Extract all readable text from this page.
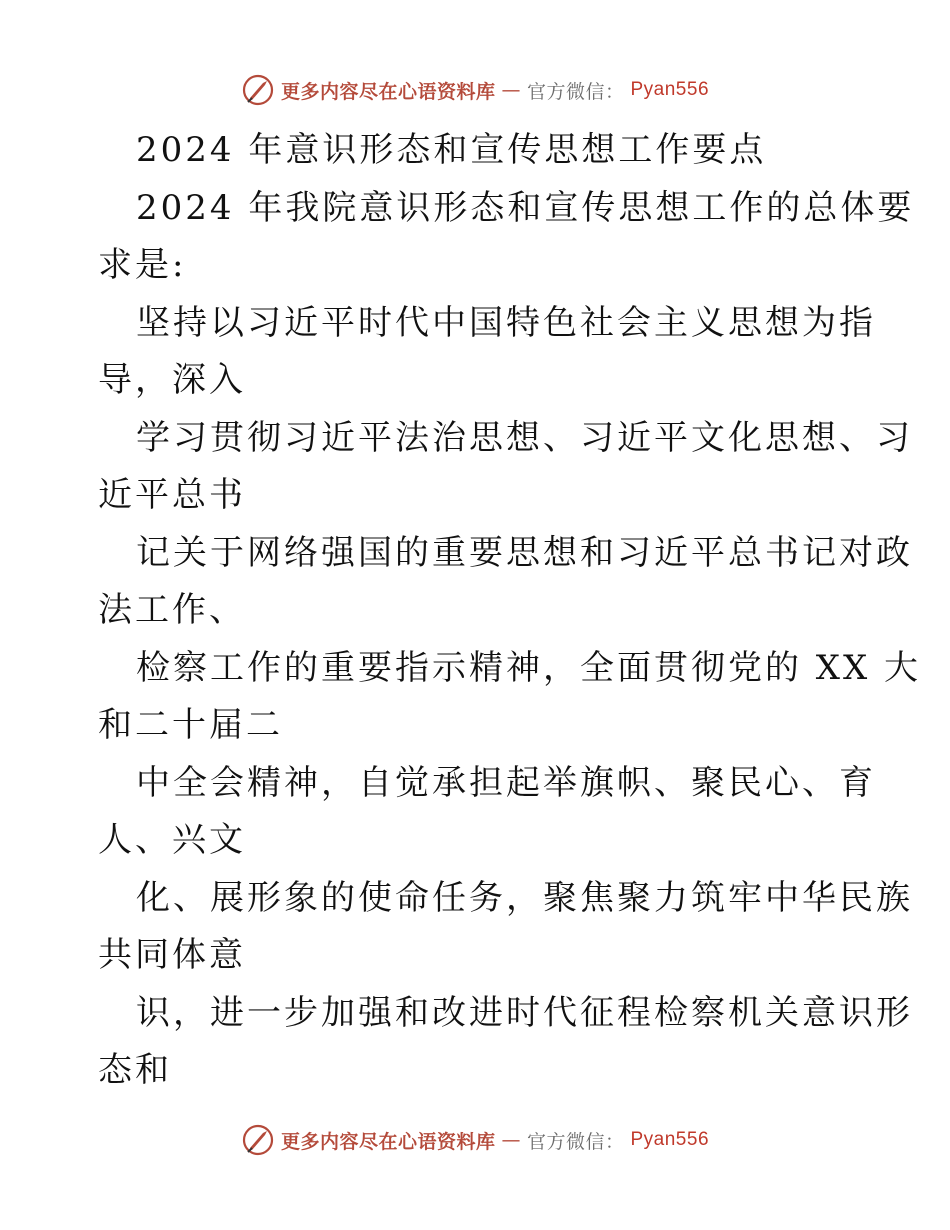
更多内容尽在心语资料库 — 官方微信： Pyan556
2024 年意识形态和宣传思想工作要点
2024 年我院意识形态和宣传思想工作的总体要
求是:
坚持以习近平时代中国特色社会主义思想为指
导，深入
学习贯彻习近平法治思想、习近平文化思想、习
近平总书
记关于网络强国的重要思想和习近平总书记对政
法工作、
检察工作的重要指示精神，全面贯彻党的 XX 大
和二十届二
中全会精神，自觉承担起举旗帜、聚民心、育
人、兴文
化、展形象的使命任务，聚焦聚力筑牢中华民族
共同体意
识，进一步加强和改进时代征程检察机关意识形
态和
更多内容尽在心语资料库 — 官方微信： Pyan556
